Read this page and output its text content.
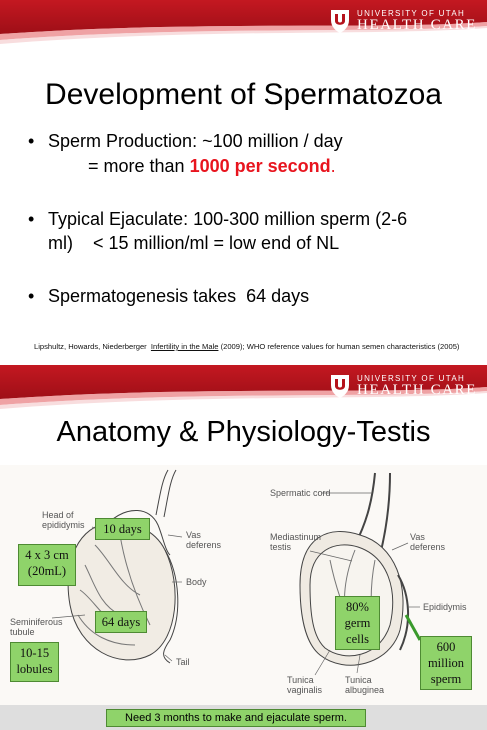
UNIVERSITY OF UTAH
HEALTH CARE
Development of Spermatozoa
• Sperm Production: ~100 million / day
= more than 1000 per second.
• Typical Ejaculate: 100-300 million sperm (2-6
ml)    < 15 million/ml = low end of NL
• Spermatogenesis takes  64 days
Lipshultz, Howards, Niederberger  Infertility in the Male (2009); WHO reference values for human semen characteristics (2005)
UNIVERSITY OF UTAH
HEALTH CARE
Anatomy & Physiology-Testis
Head of
epididymis
Vas
deferens
Body
Seminiferous
tubule
Tail
Spermatic cord
Mediastinum
testis
Vas
deferens
Epididymis
Tunica
vaginalis
Tunica
albuginea
10 days
4 x 3 cm
(20mL)
64 days
10-15
lobules
80%
germ
cells
600
million
sperm
Need 3 months to make and ejaculate sperm.
